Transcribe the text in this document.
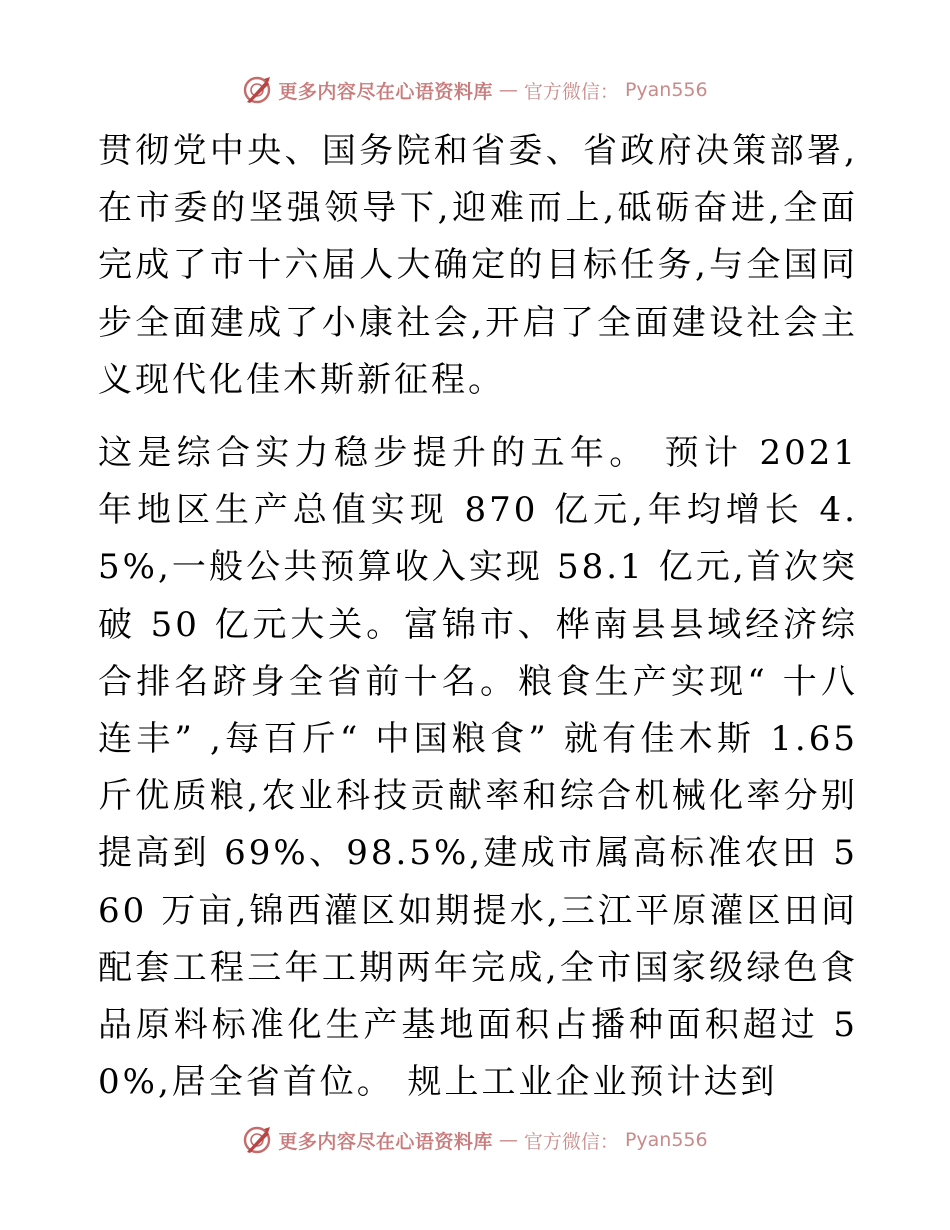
更多内容尽在心语资料库 — 官方微信： Pyan556

贯彻党中央、国务院和省委、省政府决策部署,在市委的坚强领导下,迎难而上,砥砺奋进,全面完成了市十六届人大确定的目标任务,与全国同步全面建成了小康社会,开启了全面建设社会主义现代化佳木斯新征程。

这是综合实力稳步提升的五年。 预计 2021 年地区生产总值实现 870 亿元,年均增长 4.5%,一般公共预算收入实现 58.1 亿元,首次突破 50 亿元大关。富锦市、桦南县县域经济综合排名跻身全省前十名。粮食生产实现“ 十八连丰” ,每百斤“ 中国粮食” 就有佳木斯 1.65 斤优质粮,农业科技贡献率和综合机械化率分别提高到 69%、98.5%,建成市属高标准农田 560 万亩,锦西灌区如期提水,三江平原灌区田间配套工程三年工期两年完成,全市国家级绿色食品原料标准化生产基地面积占播种面积超过 50%,居全省首位。 规上工业企业预计达到

更多内容尽在心语资料库 — 官方微信： Pyan556
